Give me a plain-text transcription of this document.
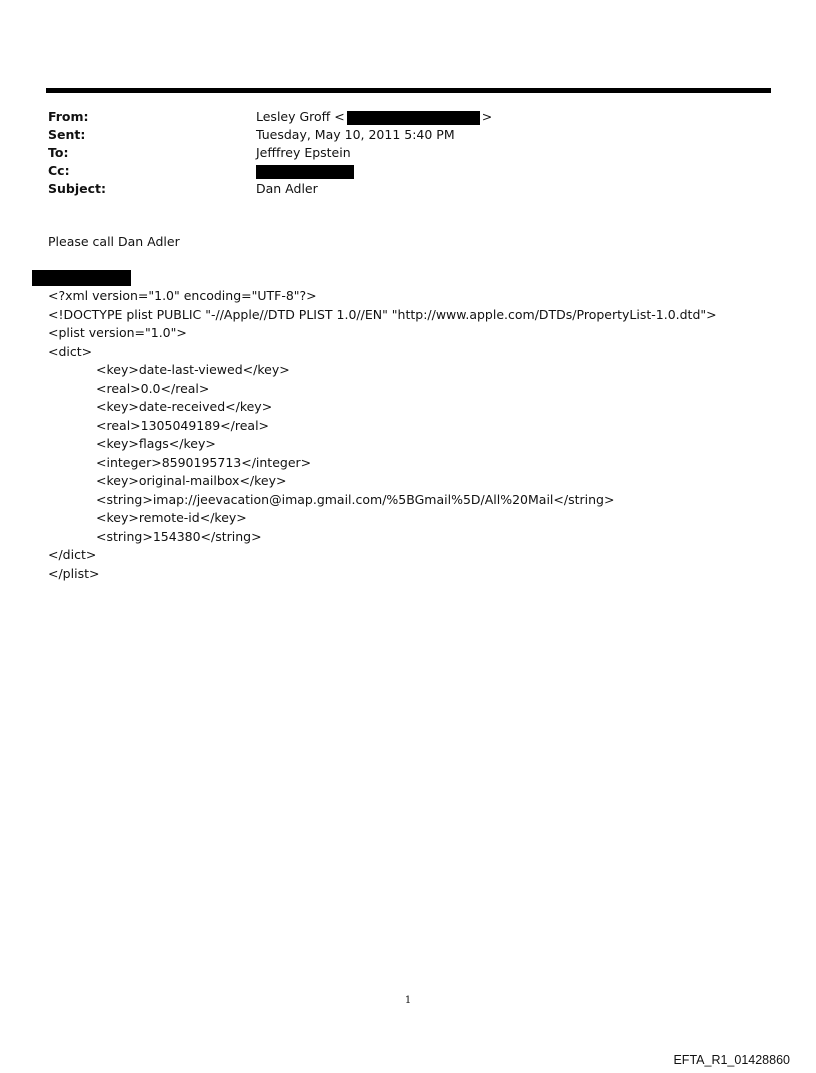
From:	Lesley Groff <	>
Sent:	Tuesday, May 10, 2011 5:40 PM
To:	Jefffrey Epstein
Cc:
Subject:	Dan Adler
Please call Dan Adler
<?xml version="1.0" encoding="UTF-8"?>
<!DOCTYPE plist PUBLIC "-//Apple//DTD PLIST 1.0//EN" "http://www.apple.com/DTDs/PropertyList-1.0.dtd">
<plist version="1.0">
<dict>
<key>date-last-viewed</key>
<real>0.0</real>
<key>date-received</key>
<real>1305049189</real>
<key>flags</key>
<integer>8590195713</integer>
<key>original-mailbox</key>
<string>imap://jeevacation@imap.gmail.com/%5BGmail%5D/All%20Mail</string>
<key>remote-id</key>
<string>154380</string>
</dict>
</plist>
1
EFTA_R1_01428860
